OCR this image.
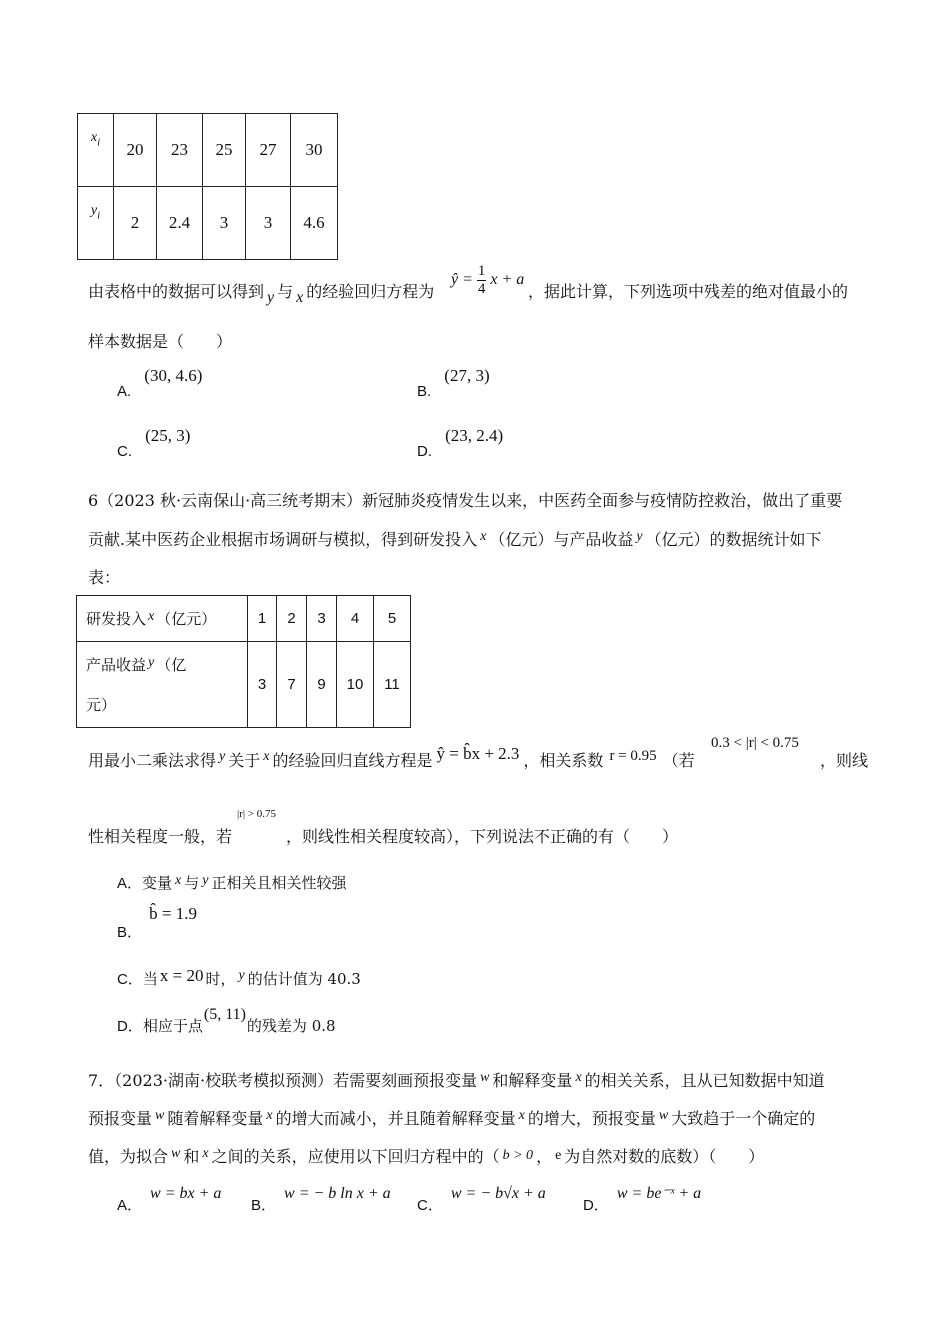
$x_i$	20	23	25	27	30
$y_i$	2	2.4	3	3	4.6
由表格中的数据可以得到 y 与 x 的经验回归方程为
ŷ = $\frac{1}{4}$ x + a
，据此计算，下列选项中残差的绝对值最小的
样本数据是（　　）
A. (30, 4.6)
B. (27, 3)
C. (25, 3)
D. (23, 2.4)
6（2023 秋·云南保山·高三统考期末）新冠肺炎疫情发生以来，中医药全面参与疫情防控救治，做出了重要
贡献.某中医药企业根据市场调研与模拟，得到研发投入 x （亿元）与产品收益 y （亿元）的数据统计如下
表：
研发投入 x （亿元）	1	2	3	4	5
产品收益 y （亿
元）	3	7	9	10	11
用最小二乘法求得 y 关于 x 的经验回归直线方程是 ŷ = b̂x + 2.3 ，相关系数 r = 0.95 （若
0.3 < |r| < 0.75
，则线
|r| > 0.75
性相关程度一般，若	，则线性相关程度较高），下列说法不正确的有（　　）
A．变量 x 与 y 正相关且相关性较强
B． b̂ = 1.9
C．当 x = 20 时， y 的估计值为 40.3
D．相应于点(5, 11)的残差为 0.8
7．（2023·湖南·校联考模拟预测）若需要刻画预报变量 w 和解释变量 x 的相关关系，且从已知数据中知道
预报变量 w 随着解释变量 x 的增大而减小，并且随着解释变量 x 的增大，预报变量 w 大致趋于一个确定的
值，为拟合 w 和 x 之间的关系，应使用以下回归方程中的（ b > 0 ， e 为自然对数的底数）（　　）
A．w = bx + a
B．w = − b ln x + a
C．w = − b√x + a
D．w = be⁻ˣ + a
